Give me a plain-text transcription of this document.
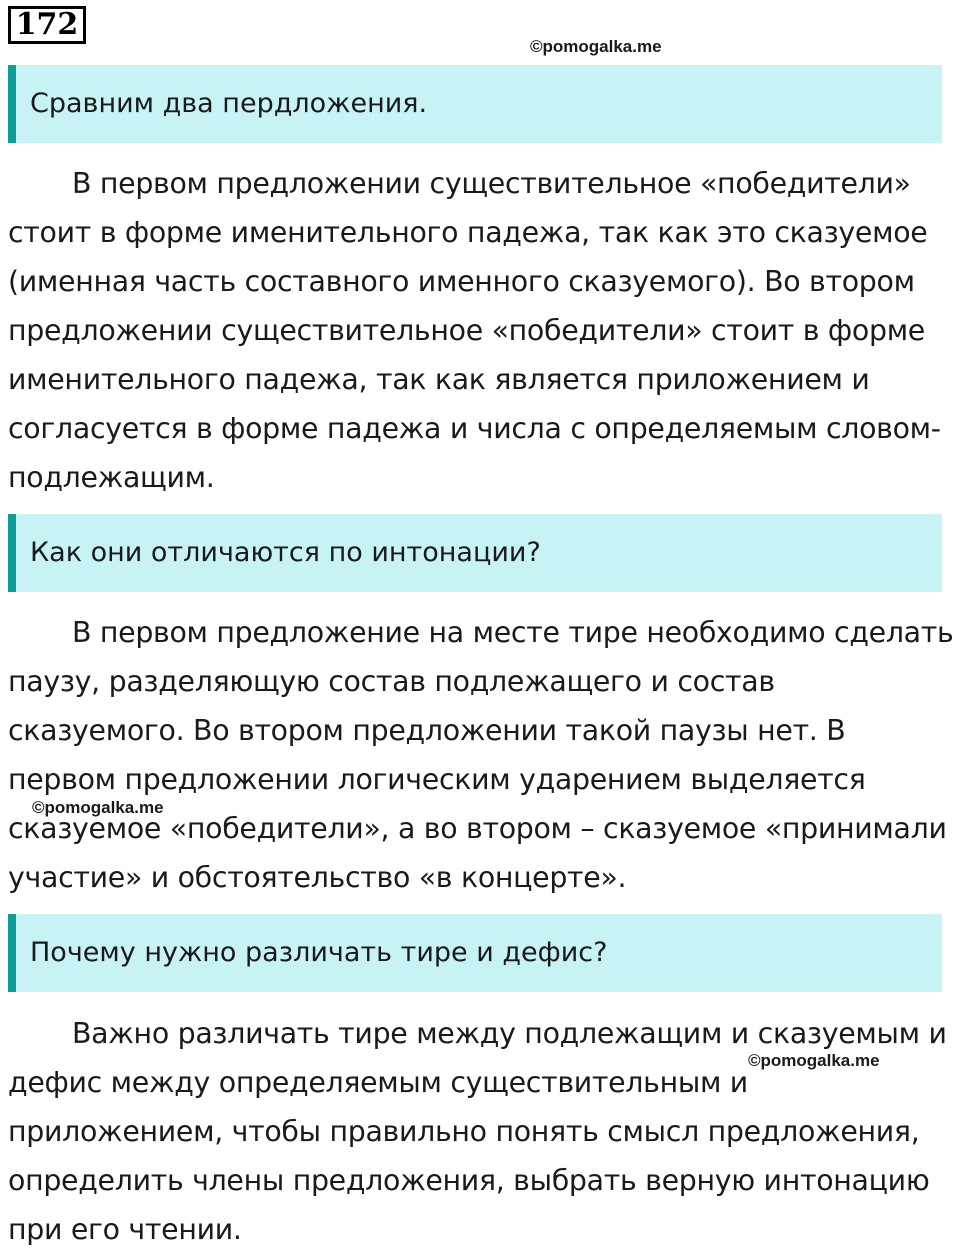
172
©pomogalka.me
Сравним два пердложения.

В первом предложении существительное «победители» стоит в форме именительного падежа, так как это сказуемое (именная часть составного именного сказуемого). Во втором предложении существительное «победители» стоит в форме именительного падежа, так как является приложением и согласуется в форме падежа и числа с определяемым словом-подлежащим.

Как они отличаются по интонации?

В первом предложение на месте тире необходимо сделать паузу, разделяющую состав подлежащего и состав сказуемого. Во втором предложении такой паузы нет. В первом предложении логическим ударением выделяется сказуемое «победители», а во втором – сказуемое «принимали участие» и обстоятельство «в концерте».

©pomogalka.me
Почему нужно различать тире и дефис?

Важно различать тире между подлежащим и сказуемым и дефис между определяемым существительным и приложением, чтобы правильно понять смысл предложения, определить члены предложения, выбрать верную интонацию при его чтении.

©pomogalka.me
